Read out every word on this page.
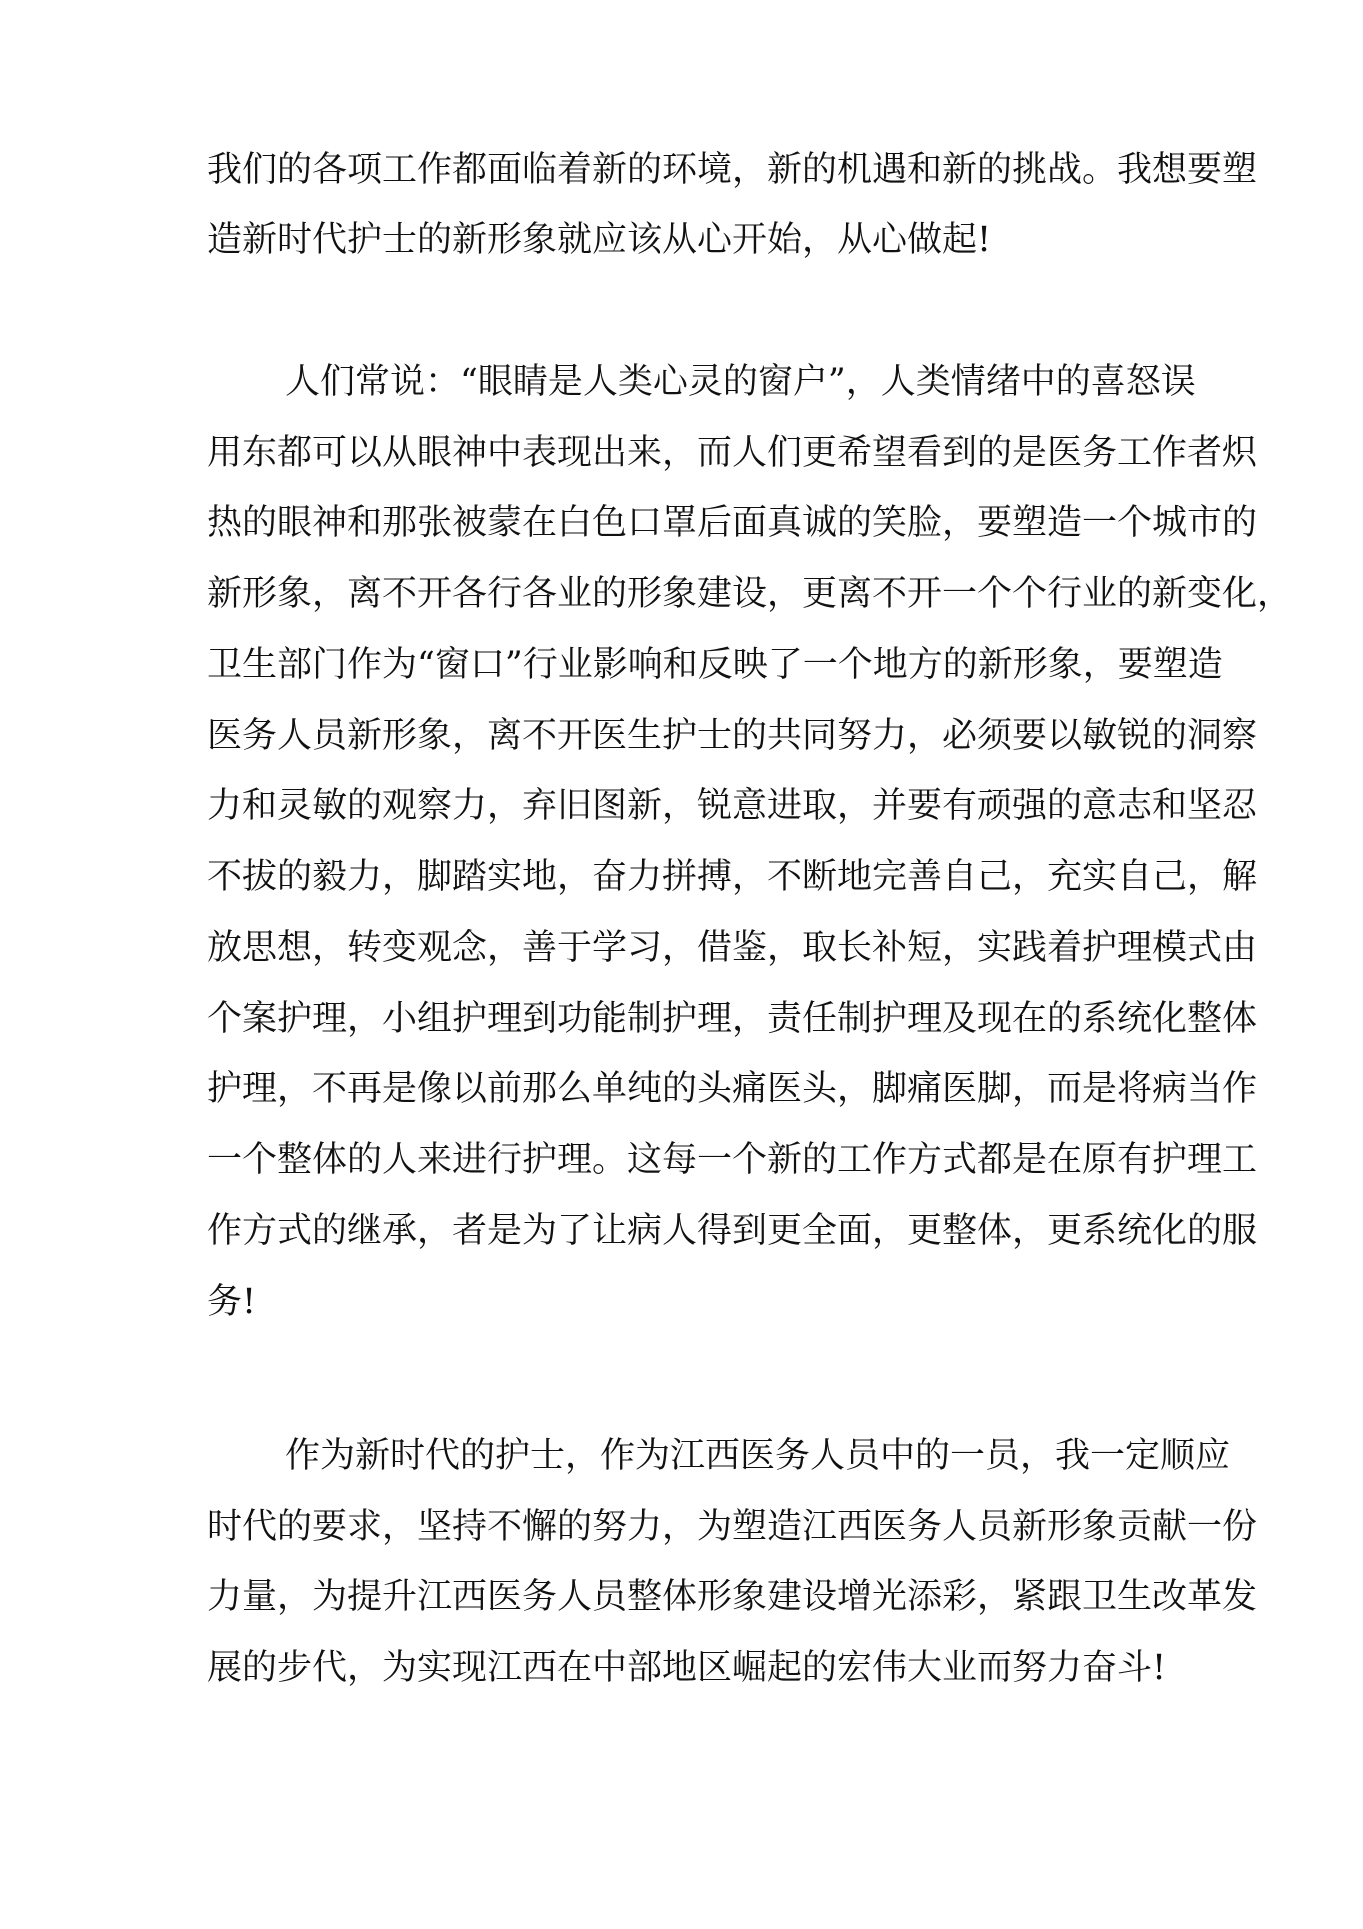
我们的各项工作都面临着新的环境，新的机遇和新的挑战。我想要塑

造新时代护士的新形象就应该从心开始，从心做起!

人们常说：“眼睛是人类心灵的窗户”，人类情绪中的喜怒误

用东都可以从眼神中表现出来，而人们更希望看到的是医务工作者炽

热的眼神和那张被蒙在白色口罩后面真诚的笑脸，要塑造一个城市的

新形象，离不开各行各业的形象建设，更离不开一个个行业的新变化，

卫生部门作为“窗口”行业影响和反映了一个地方的新形象，要塑造

医务人员新形象，离不开医生护士的共同努力，必须要以敏锐的洞察

力和灵敏的观察力，弃旧图新，锐意进取，并要有顽强的意志和坚忍

不拔的毅力，脚踏实地，奋力拼搏，不断地完善自己，充实自己，解

放思想，转变观念，善于学习，借鉴，取长补短，实践着护理模式由

个案护理，小组护理到功能制护理，责任制护理及现在的系统化整体

护理，不再是像以前那么单纯的头痛医头，脚痛医脚，而是将病当作

一个整体的人来进行护理。这每一个新的工作方式都是在原有护理工

作方式的继承，者是为了让病人得到更全面，更整体，更系统化的服

务!

作为新时代的护士，作为江西医务人员中的一员，我一定顺应

时代的要求，坚持不懈的努力，为塑造江西医务人员新形象贡献一份

力量，为提升江西医务人员整体形象建设增光添彩，紧跟卫生改革发

展的步代，为实现江西在中部地区崛起的宏伟大业而努力奋斗!
